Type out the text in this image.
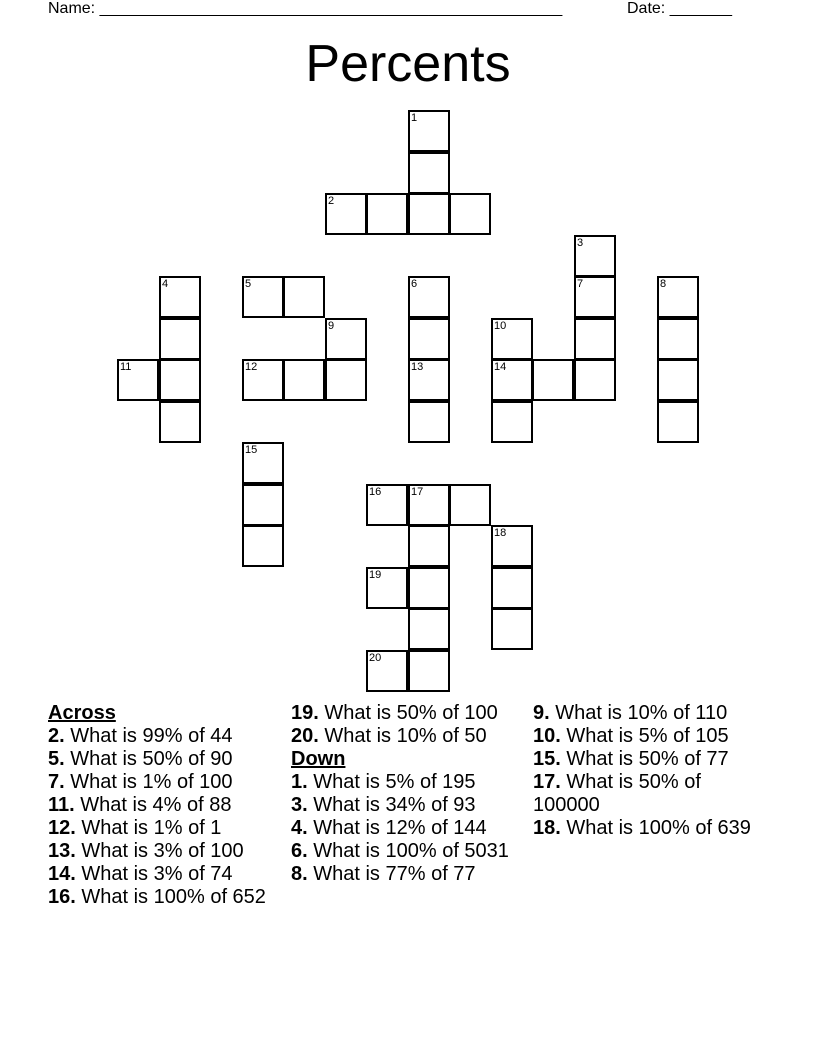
Name: ____________________________________________________	Date: _______
Percents
1
2
3
4	5	6	7	8
9	10
11	12	13	14
15
16	17
18
19
20
Across
2. What is 99% of 44
5. What is 50% of 90
7. What is 1% of 100
11. What is 4% of 88
12. What is 1% of 1
13. What is 3% of 100
14. What is 3% of 74
16. What is 100% of 652
19. What is 50% of 100
20. What is 10% of 50
Down
1. What is 5% of 195
3. What is 34% of 93
4. What is 12% of 144
6. What is 100% of 5031
8. What is 77% of 77
9. What is 10% of 110
10. What is 5% of 105
15. What is 50% of 77
17. What is 50% of 100000
18. What is 100% of 639
